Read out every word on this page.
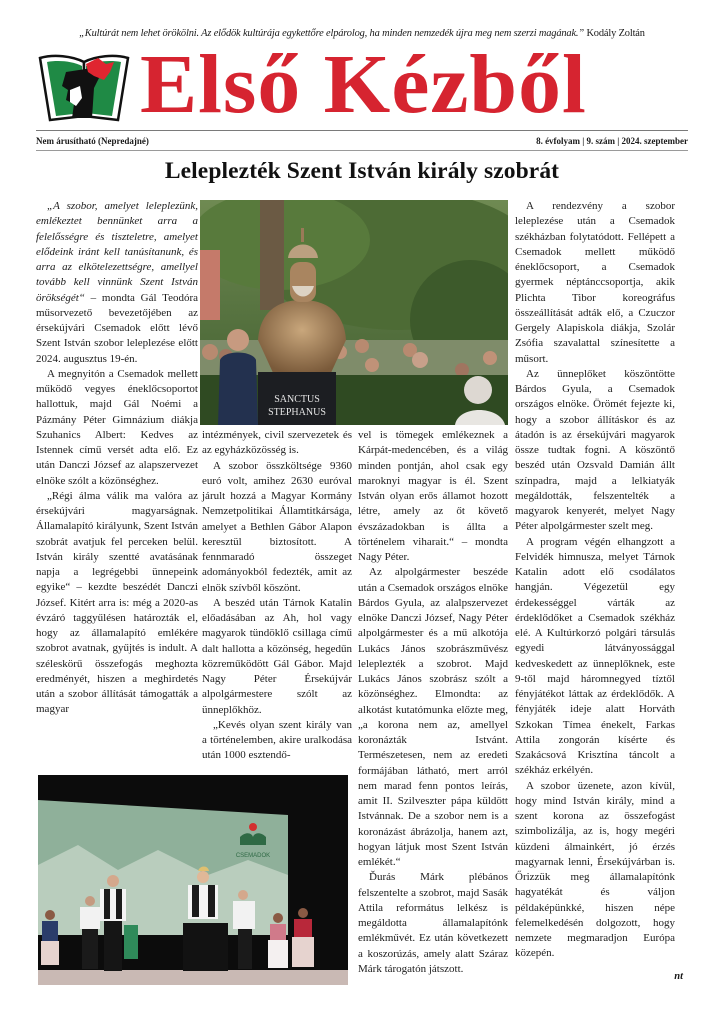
„Kultúrát nem lehet örökölni. Az elődök kultúrája egykettőre elpárolog, ha minden nemzedék újra meg nem szerzi magának.” Kodály Zoltán
Első Kézből
Nem árusítható (Nepredajné)	8. évfolyam | 9. szám | 2024. szeptember
Leleplezték Szent István király szobrát
SANCTUS
STEPHANUS

„A szobor, amelyet leleplezünk, emlékeztet bennünket arra a felelősségre és tiszteletre, amelyet elődeink iránt kell tanúsítanunk, és arra az elkötelezettségre, amellyel tovább kell vinnünk Szent István örökségét“ – mondta Gál Teodóra műsorvezető bevezetőjében az érsekújvári Csemadok előtt lévő Szent István szobor leleplezése előtt 2024. augusztus 19-én.

A megnyitón a Csemadok mellett működő vegyes éneklőcsoportot hallottuk, majd Gál Noémi a Pázmány Péter Gimnázium diákja Szuhanics Albert: Kedves az Istennek című versét adta elő. Ez után Danczi József az alapszervezet elnöke szólt a közönséghez.

„Régi álma válik ma valóra az érsekújvári magyarságnak. Államalapító királyunk, Szent István szobrát avatjuk fel perceken belül. István király szentté avatásának napja a legrégebbi ünnepeink egyike“ – kezdte beszédét Danczi József. Kitért arra is: még a 2020-as évzáró taggyűlésen határozták el, hogy az államalapító emlékére szobrot avatnak, gyűjtés is indult. A széleskörű összefogás meghozta eredményét, hiszen a meghirdetés után a szobor állítását támogatták a magyar

intézmények, civil szervezetek és az egyházközösség is.

A szobor összköltsége 9360 euró volt, amihez 2630 euróval járult hozzá a Magyar Kormány Nemzetpolitikai Államtitkársága, amelyet a Bethlen Gábor Alapon keresztül biztosított. A fennmaradó összeget adományokból fedezték, amit az elnök szívből köszönt.

A beszéd után Tárnok Katalin előadásában az Ah, hol vagy magyarok tündöklő csillaga című dalt hallotta a közönség, hegedűn közreműködött Gál Gábor. Majd Nagy Péter Érsekújvár alpolgármestere szólt az ünneplőkhöz.

„Kevés olyan szent király van a történelemben, akire uralkodása után 1000 esztendő-

vel is tömegek emlékeznek a Kárpát-medencében, és a világ minden pontján, ahol csak egy maroknyi magyar is él. Szent István olyan erős államot hozott létre, amely az őt követő évszázadokban is állta a történelem viharait.“ – mondta Nagy Péter.

Az alpolgármester beszéde után a Csemadok országos elnöke Bárdos Gyula, az alalpszervezet elnöke Danczi József, Nagy Péter alpolgármester és a mű alkotója Lukács János szobrászművész leleplezték a szobrot. Majd Lukács János szobrász szólt a közönséghez. Elmondta: az alkotást kutatómunka előzte meg, „a korona nem az, amellyel koronázták Istvánt. Természetesen, nem az eredeti formájában látható, mert arról nem marad fenn pontos leírás, amit II. Szilveszter pápa küldött Istvánnak. De a szobor nem is a koronázást ábrázolja, hanem azt, hogyan látjuk most Szent István emlékét.“

Ďurás Márk plébános felszentelte a szobrot, majd Sasák Attila református lelkész is megáldotta államalapítónk emlékművét. Ez után következett a koszorúzás, amely alatt Száraz Márk tárogatón játszott.

A rendezvény a szobor leleplezése után a Csemadok székházban folytatódott. Fellépett a Csemadok mellett működő éneklőcsoport, a Csemadok gyermek néptánccsoportja, akik Plichta Tibor koreográfus összeállítását adták elő, a Czuczor Gergely Alapiskola diákja, Szolár Zsófia szavalattal színesítette a műsort.

Az ünneplőket köszöntötte Bárdos Gyula, a Csemadok országos elnöke. Örömét fejezte ki, hogy a szobor állításkor és az átadón is az érsekújvári magyarok össze tudtak fogni. A köszöntő beszéd után Ozsvald Damián állt színpadra, majd a lelkiatyák megáldották, felszentelték a magyarok kenyerét, melyet Nagy Péter alpolgármester szelt meg.

A program végén elhangzott a Felvidék himnusza, melyet Tárnok Katalin adott elő csodálatos hangján. Végezetül egy érdekességgel várták az érdeklődőket a Csemadok székház elé. A Kultúrkorzó polgári társulás egyedi látványossággal kedveskedett az ünneplőknek, este 9-től majd háromnegyed tíztől fényjátékot láttak az érdeklődők. A fényjáték ideje alatt Horváth Szkokan Tímea énekelt, Farkas Attila zongorán kísérte és Szakácsová Krisztína táncolt a székház erkélyén.

A szobor üzenete, azon kívül, hogy mind István király, mind a szent korona az összefogást szimbolizálja, az is, hogy megéri küzdeni álmainkért, jó érzés magyarnak lenni, Érsekújvárban is. Őrizzük meg államalapítónk hagyatékát és váljon példaképünkké, hiszen népe felemelkedésén dolgozott, hogy nemzete megmaradjon Európa közepén.

CSEMADOK
nt
